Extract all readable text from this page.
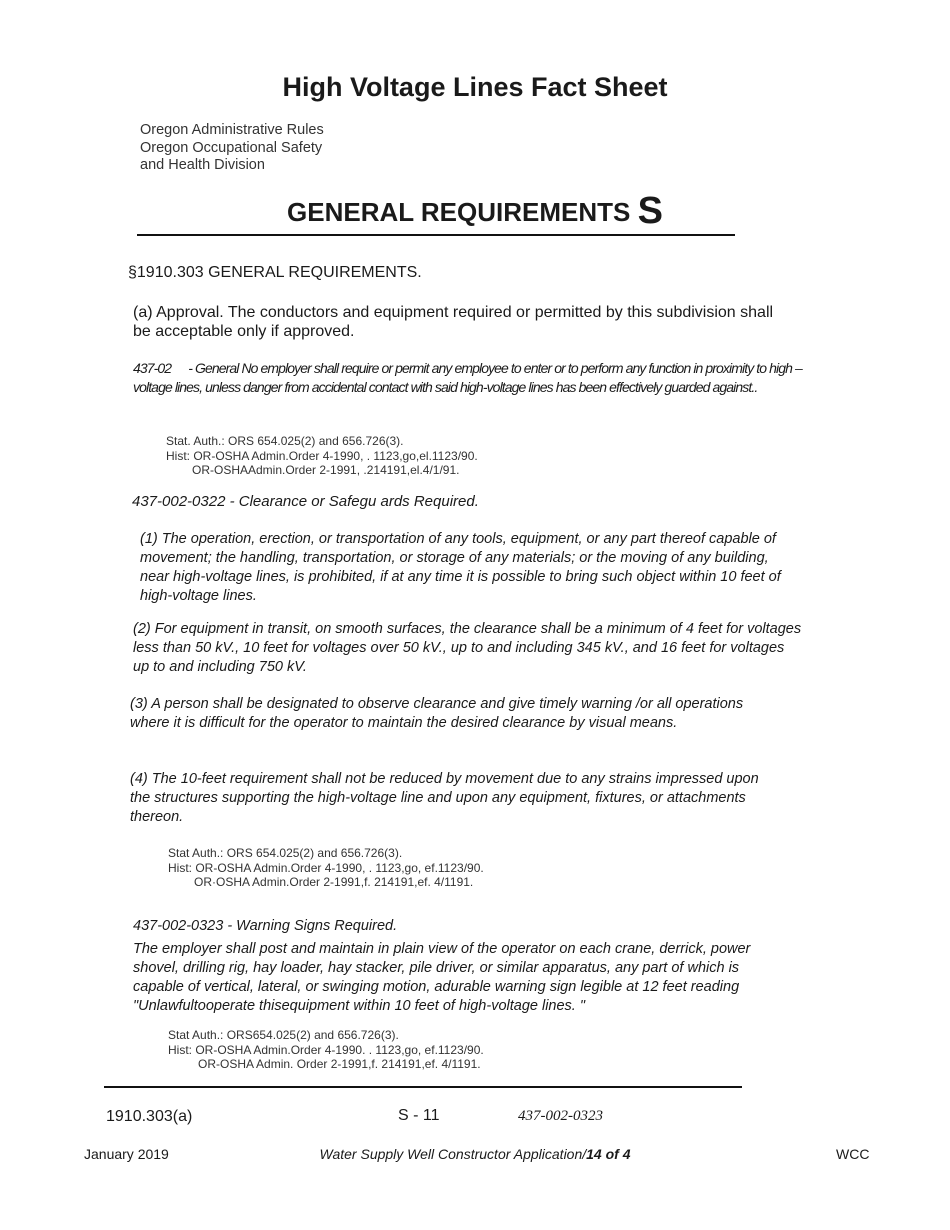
High Voltage Lines Fact Sheet
Oregon Administrative Rules
Oregon Occupational Safety
and Health Division
GENERAL REQUIREMENTS S
§1910.303 GENERAL REQUIREMENTS.
(a) Approval. The conductors and equipment required or permitted by this subdivision shall be acceptable only if approved.
437-02 - General No employer shall require or permit any employee to enter or to perform any function in proximity to high –voltage lines, unless danger from accidental contact with said high-voltage lines has been effectively guarded against..
Stat. Auth.: ORS 654.025(2) and 656.726(3).
Hist: OR-OSHA Admin.Order 4-1990, . 1123,go,el.1123/90.
OR-OSHAAdmin.Order 2-1991, .214191,el.4/1/91.
437-002-0322 - Clearance or Safegu ards Required.
(1) The operation, erection, or transportation of any tools, equipment, or any part thereof capable of movement; the handling, transportation, or storage of any materials; or the moving of any building, near high-voltage lines, is prohibited, if at any time it is possible to bring such object within 10 feet of high-voltage lines.
(2) For equipment in transit, on smooth surfaces, the clearance shall be a minimum of 4 feet for voltages less than 50 kV., 10 feet for voltages over 50 kV., up to and including 345 kV., and 16 feet for voltages up to and including 750 kV.
(3) A person shall be designated to observe clearance and give timely warning /or all operations where it is difficult for the operator to maintain the desired clearance by visual means.
(4) The 10-feet requirement shall not be reduced by movement due to any strains impressed upon the structures supporting the high-voltage line and upon any equipment, fixtures, or attachments thereon.
Stat Auth.: ORS 654.025(2) and 656.726(3).
Hist: OR-OSHA Admin.Order 4-1990, . 1123,go, ef.1123/90.
OR·OSHA Admin.Order 2-1991,f. 214191,ef. 4/1191.
437-002-0323 - Warning Signs Required.
The employer shall post and maintain in plain view of the operator on each crane, derrick, power shovel, drilling rig, hay loader, hay stacker, pile driver, or similar apparatus, any part of which is capable of vertical, lateral, or swinging motion, adurable warning sign legible at 12 feet reading "Unlawfultooperate thisequipment within 10 feet of high-voltage lines. "
Stat Auth.: ORS654.025(2) and 656.726(3).
Hist: OR-OSHA Admin.Order 4-1990. . 1123,go, ef.1123/90.
OR-OSHA Admin. Order 2-1991,f. 214191,ef. 4/1191.
1910.303(a)	S - 11	437-002-0323
January 2019	Water Supply Well Constructor Application/14 of 4	WCC
